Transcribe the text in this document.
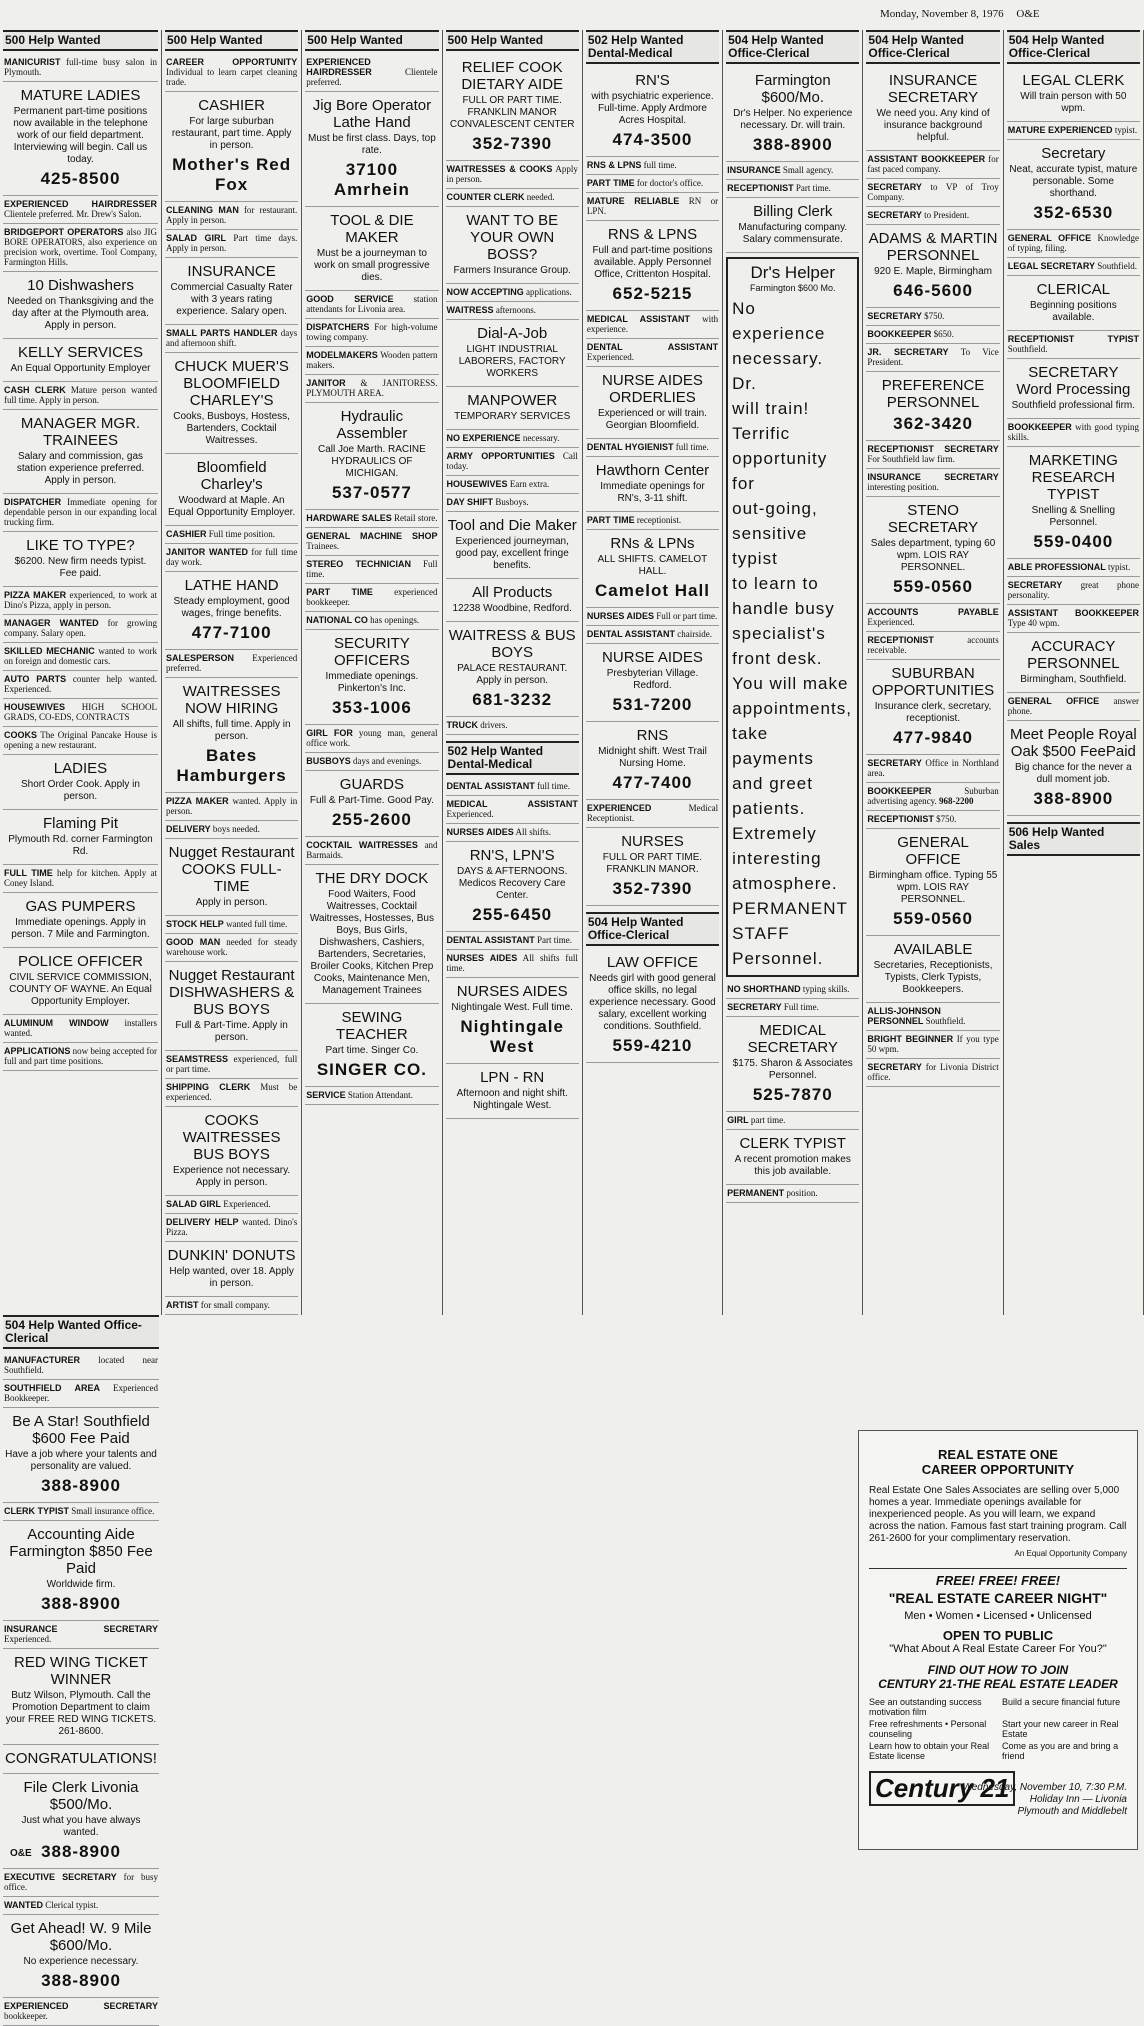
Monday, November 8, 1976 O&E
500 Help Wanted
MANICURIST full-time busy salon in Plymouth.
MATURE LADIES
Permanent part-time positions now available in the telephone work of our field department. Interviewing will begin. Call us today.
425-8500
EXPERIENCED HAIRDRESSER Clientele preferred. Mr. Drew's Salon.
BRIDGEPORT OPERATORS also JIG BORE OPERATORS, also experience on precision work, overtime. Tool Company, Farmington Hills.
10 Dishwashers
Needed on Thanksgiving and the day after at the Plymouth area. Apply in person.
KELLY SERVICES
An Equal Opportunity Employer
CASH CLERK Mature person wanted full time. Apply in person.
MANAGER MGR. TRAINEES
Salary and commission, gas station experience preferred. Apply in person.
DISPATCHER Immediate opening for dependable person in our expanding local trucking firm.
LIKE TO TYPE?
$6200. New firm needs typist. Fee paid.
PIZZA MAKER experienced, to work at Dino's Pizza, apply in person.
MANAGER WANTED for growing company. Salary open.
SKILLED MECHANIC wanted to work on foreign and domestic cars.
AUTO PARTS counter help wanted. Experienced.
HOUSEWIVES HIGH SCHOOL GRADS, CO-EDS, CONTRACTS
COOKS The Original Pancake House is opening a new restaurant.
LADIES
Short Order Cook. Apply in person.
Flaming Pit
Plymouth Rd. corner Farmington Rd.
FULL TIME help for kitchen. Apply at Coney Island.
GAS PUMPERS
Immediate openings. Apply in person. 7 Mile and Farmington.
POLICE OFFICER
CIVIL SERVICE COMMISSION, COUNTY OF WAYNE. An Equal Opportunity Employer.
ALUMINUM WINDOW installers wanted.
APPLICATIONS now being accepted for full and part time positions.
500 Help Wanted
CAREER OPPORTUNITY Individual to learn carpet cleaning trade.
CASHIER
For large suburban restaurant, part time. Apply in person.
Mother's Red Fox
CLEANING MAN for restaurant. Apply in person.
SALAD GIRL Part time days. Apply in person.
INSURANCE
Commercial Casualty Rater with 3 years rating experience. Salary open.
SMALL PARTS HANDLER days and afternoon shift.
CHUCK MUER'S BLOOMFIELD CHARLEY'S
Cooks, Busboys, Hostess, Bartenders, Cocktail Waitresses.
Bloomfield Charley's
Woodward at Maple. An Equal Opportunity Employer.
CASHIER Full time position.
JANITOR WANTED for full time day work.
LATHE HAND
Steady employment, good wages, fringe benefits.
477-7100
SALESPERSON Experienced preferred.
WAITRESSES NOW HIRING
All shifts, full time. Apply in person.
Bates Hamburgers
PIZZA MAKER wanted. Apply in person.
DELIVERY boys needed.
Nugget Restaurant COOKS FULL-TIME
Apply in person.
STOCK HELP wanted full time.
GOOD MAN needed for steady warehouse work.
Nugget Restaurant DISHWASHERS & BUS BOYS
Full & Part-Time. Apply in person.
SEAMSTRESS experienced, full or part time.
SHIPPING CLERK Must be experienced.
COOKS WAITRESSES BUS BOYS
Experience not necessary. Apply in person.
SALAD GIRL Experienced.
DELIVERY HELP wanted. Dino's Pizza.
DUNKIN' DONUTS
Help wanted, over 18. Apply in person.
ARTIST for small company.
500 Help Wanted
EXPERIENCED HAIRDRESSER	Clientele preferred.
Jig Bore Operator Lathe Hand
Must be first class. Days, top rate.
37100 Amrhein
TOOL & DIE MAKER
Must be a journeyman to work on small progressive dies.
GOOD SERVICE station attendants for Livonia area.
DISPATCHERS For high-volume towing company.
MODELMAKERS Wooden pattern makers.
JANITOR & JANITORESS. PLYMOUTH AREA.
Hydraulic Assembler
Call Joe Marth. RACINE HYDRAULICS OF MICHIGAN.
537-0577
HARDWARE SALES Retail store.
GENERAL MACHINE SHOP Trainees.
STEREO TECHNICIAN Full time.
PART TIME experienced bookkeeper.
NATIONAL CO has openings.
SECURITY OFFICERS
Immediate openings. Pinkerton's Inc.
353-1006
GIRL FOR young man, general office work.
BUSBOYS days and evenings.
GUARDS
Full & Part-Time. Good Pay.
255-2600
COCKTAIL WAITRESSES and Barmaids.
THE DRY DOCK
Food Waiters, Food Waitresses, Cocktail Waitresses, Hostesses, Bus Boys, Bus Girls, Dishwashers, Cashiers, Bartenders, Secretaries, Broiler Cooks, Kitchen Prep Cooks, Maintenance Men, Management Trainees
SEWING TEACHER
Part time. Singer Co.
SINGER CO.
SERVICE Station Attendant.
500 Help Wanted
RELIEF COOK DIETARY AIDE
FULL OR PART TIME. FRANKLIN MANOR CONVALESCENT CENTER
352-7390
WAITRESSES & COOKS Apply in person.
COUNTER CLERK needed.
WANT TO BE YOUR OWN BOSS?
Farmers Insurance Group.
NOW ACCEPTING applications.
WAITRESS afternoons.
Dial-A-Job
LIGHT INDUSTRIAL LABORERS, FACTORY WORKERS
MANPOWER
TEMPORARY SERVICES
NO EXPERIENCE necessary.
ARMY OPPORTUNITIES Call today.
HOUSEWIVES Earn extra.
DAY SHIFT Busboys.
Tool and Die Maker
Experienced journeyman, good pay, excellent fringe benefits.
All Products
12238 Woodbine, Redford.
WAITRESS & BUS BOYS
PALACE RESTAURANT. Apply in person.
681-3232
TRUCK drivers.
502 Help Wanted Dental-Medical
DENTAL ASSISTANT full time.
MEDICAL ASSISTANT Experienced.
NURSES AIDES All shifts.
RN'S, LPN'S
DAYS & AFTERNOONS. Medicos Recovery Care Center.
255-6450
DENTAL ASSISTANT Part time.
NURSES AIDES All shifts full time.
NURSES AIDES
Nightingale West. Full time.
Nightingale West
LPN - RN
Afternoon and night shift. Nightingale West.
502 Help Wanted Dental-Medical
RN'S
with psychiatric experience. Full-time. Apply Ardmore Acres Hospital.
474-3500
RNS & LPNS full time.
PART TIME for doctor's office.
MATURE RELIABLE RN or LPN.
RNS & LPNS
Full and part-time positions available. Apply Personnel Office, Crittenton Hospital.
652-5215
MEDICAL ASSISTANT with experience.
DENTAL ASSISTANT Experienced.
NURSE AIDES ORDERLIES
Experienced or will train. Georgian Bloomfield.
DENTAL HYGIENIST full time.
Hawthorn Center
Immediate openings for RN's, 3-11 shift.
PART TIME receptionist.
RNs & LPNs
ALL SHIFTS. CAMELOT HALL.
Camelot Hall
NURSES AIDES Full or part time.
DENTAL ASSISTANT chairside.
NURSE AIDES
Presbyterian Village. Redford.
531-7200
RNS
Midnight shift. West Trail Nursing Home.
477-7400
EXPERIENCED	Medical Receptionist.
NURSES
FULL OR PART TIME. FRANKLIN MANOR.
352-7390
504 Help Wanted Office-Clerical
LAW OFFICE
Needs girl with good general office skills, no legal experience necessary. Good salary, excellent working conditions. Southfield.
559-4210
504 Help Wanted Office-Clerical
Farmington $600/Mo.
Dr's Helper. No experience necessary. Dr. will train.
388-8900
INSURANCE Small agency.
RECEPTIONIST Part time.
Billing Clerk
Manufacturing company. Salary commensurate.
Dr's Helper
Farmington $600 Mo.
No experience
necessary. Dr.
will train!
Terrific
opportunity for
out-going,
sensitive typist
to learn to
handle busy
specialist's
front desk.
You will make
appointments,
take payments
and greet
patients.
Extremely
interesting
atmosphere.
PERMANENT
STAFF
Personnel.
NO SHORTHAND typing skills.
SECRETARY Full time.
MEDICAL SECRETARY
$175. Sharon & Associates Personnel.
525-7870
GIRL part time.
CLERK TYPIST
A recent promotion makes this job available.
PERMANENT position.
504 Help Wanted Office-Clerical
INSURANCE SECRETARY
We need you. Any kind of insurance background helpful.
ASSISTANT BOOKKEEPER for fast paced company.
SECRETARY to VP of Troy Company.
SECRETARY to President.
ADAMS & MARTIN PERSONNEL
920 E. Maple, Birmingham
646-5600
SECRETARY $750.
BOOKKEEPER $650.
JR. SECRETARY To Vice President.
PREFERENCE PERSONNEL
362-3420
RECEPTIONIST SECRETARY For Southfield law firm.
INSURANCE SECRETARY interesting position.
STENO SECRETARY
Sales department, typing 60 wpm. LOIS RAY PERSONNEL.
559-0560
ACCOUNTS PAYABLE Experienced.
RECEPTIONIST	accounts receivable.
SUBURBAN OPPORTUNITIES
Insurance clerk, secretary, receptionist.
477-9840
SECRETARY Office in Northland area.
BOOKKEEPER	Suburban advertising agency. 968-2200
RECEPTIONIST $750.
GENERAL OFFICE
Birmingham office. Typing 55 wpm. LOIS RAY PERSONNEL.
559-0560
AVAILABLE
Secretaries, Receptionists, Typists, Clerk Typists, Bookkeepers.
ALLIS-JOHNSON PERSONNEL Southfield.
BRIGHT BEGINNER If you type 50 wpm.
SECRETARY for Livonia District office.
504 Help Wanted Office-Clerical
LEGAL CLERK
Will train person with 50 wpm.
MATURE EXPERIENCED typist.
Secretary
Neat, accurate typist, mature personable. Some shorthand.
352-6530
GENERAL OFFICE Knowledge of typing, filing.
LEGAL SECRETARY Southfield.
CLERICAL
Beginning positions available.
RECEPTIONIST TYPIST Southfield.
SECRETARY Word Processing
Southfield professional firm.
BOOKKEEPER with good typing skills.
MARKETING RESEARCH TYPIST
Snelling & Snelling Personnel.
559-0400
ABLE PROFESSIONAL typist.
SECRETARY great phone personality.
ASSISTANT BOOKKEEPER Type 40 wpm.
ACCURACY PERSONNEL
Birmingham, Southfield.
GENERAL OFFICE answer phone.
Meet People Royal Oak $500 FeePaid
Big chance for the never a dull moment job.
388-8900
506 Help Wanted Sales
504 Help Wanted Office-Clerical
MANUFACTURER located near Southfield.
SOUTHFIELD AREA Experienced Bookkeeper.
Be A Star! Southfield $600 Fee Paid
Have a job where your talents and personality are valued.
388-8900
CLERK TYPIST Small insurance office.
Accounting Aide Farmington $850 Fee Paid
Worldwide firm.
388-8900
INSURANCE SECRETARY Experienced.
RED WING TICKET WINNER
Butz Wilson, Plymouth. Call the Promotion Department to claim your FREE RED WING TICKETS. 261-8600.
CONGRATULATIONS!
File Clerk Livonia $500/Mo.
Just what you have always wanted.
388-8900
EXECUTIVE SECRETARY for busy office.
WANTED Clerical typist.
Get Ahead! W. 9 Mile $600/Mo.
No experience necessary.
388-8900
EXPERIENCED SECRETARY bookkeeper.
REAL ESTATE ONE
CAREER OPPORTUNITY
Real Estate One Sales Associates are selling over 5,000 homes a year. Immediate openings available for inexperienced people. As you will learn, we expand across the nation. Famous fast start training program. Call 261-2600 for your complimentary reservation.
An Equal Opportunity Company
FREE! FREE! FREE!
"REAL ESTATE CAREER NIGHT"
Men • Women • Licensed • Unlicensed
OPEN TO PUBLIC
"What About A Real Estate Career For You?"
FIND OUT HOW TO JOIN
CENTURY 21-THE REAL ESTATE LEADER
See an outstanding success motivation film
Build a secure financial future
Free refreshments • Personal counseling
Start your new career in Real Estate
Learn how to obtain your Real Estate license
Come as you are and bring a friend
Century 21
Wednesday, November 10, 7:30 P.M.
Holiday Inn — Livonia
Plymouth and Middlebelt
O&E
